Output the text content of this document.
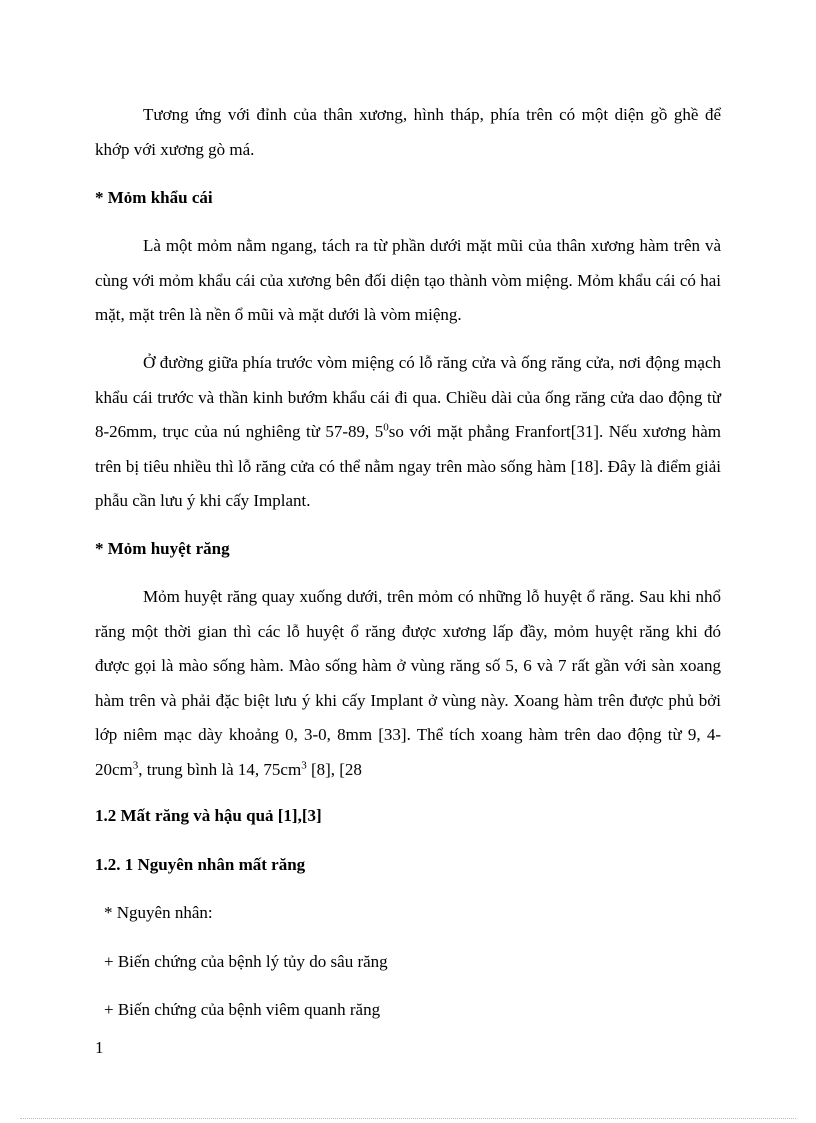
Tương ứng với đỉnh của thân xương, hình tháp, phía trên có một diện gồ ghề để khớp với xương gò má.

* Mỏm khẩu cái

Là một mỏm nằm ngang, tách ra từ phần dưới mặt mũi của thân xương hàm trên và cùng với mỏm khẩu cái của xương bên đối diện tạo thành vòm miệng. Mỏm khẩu cái có hai mặt, mặt trên là nền ổ mũi và mặt dưới là vòm miệng.

Ở đường giữa phía trước vòm miệng có lỗ răng cửa và ống răng cửa, nơi động mạch khẩu cái trước và thần kinh bướm khẩu cái đi qua. Chiều dài của ống răng cửa dao động từ 8-26mm, trục của nú nghiêng từ 57-89, $5^0so$ với mặt phẳng Franfort[31]. Nếu xương hàm trên bị tiêu nhiều thì lỗ răng cửa có thể nằm ngay trên mào sống hàm [18]. Đây là điểm giải phẫu cần lưu ý khi cấy Implant.

* Mỏm huyệt răng

Mỏm huyệt răng quay xuống dưới, trên mỏm có những lỗ huyệt ổ răng. Sau khi nhổ răng một thời gian thì các lỗ huyệt ổ răng được xương lấp đầy, mỏm huyệt răng khi đó được gọi là mào sống hàm. Mào sống hàm ở vùng răng số 5, 6 và 7 rất gần với sàn xoang hàm trên và phải đặc biệt lưu ý khi cấy Implant ở vùng này. Xoang hàm trên được phủ bởi lớp niêm mạc dày khoảng 0, 3-0, 8mm [33]. Thể tích xoang hàm trên dao động từ 9, $4-20cm^3$, trung bình là 14, $75cm^3$ [8], [28

1.2 Mất răng và hậu quả [1],[3]

1.2. 1 Nguyên nhân mất răng

* Nguyên nhân:

+ Biến chứng của bệnh lý tủy do sâu răng

+ Biến chứng của bệnh viêm quanh răng

1
